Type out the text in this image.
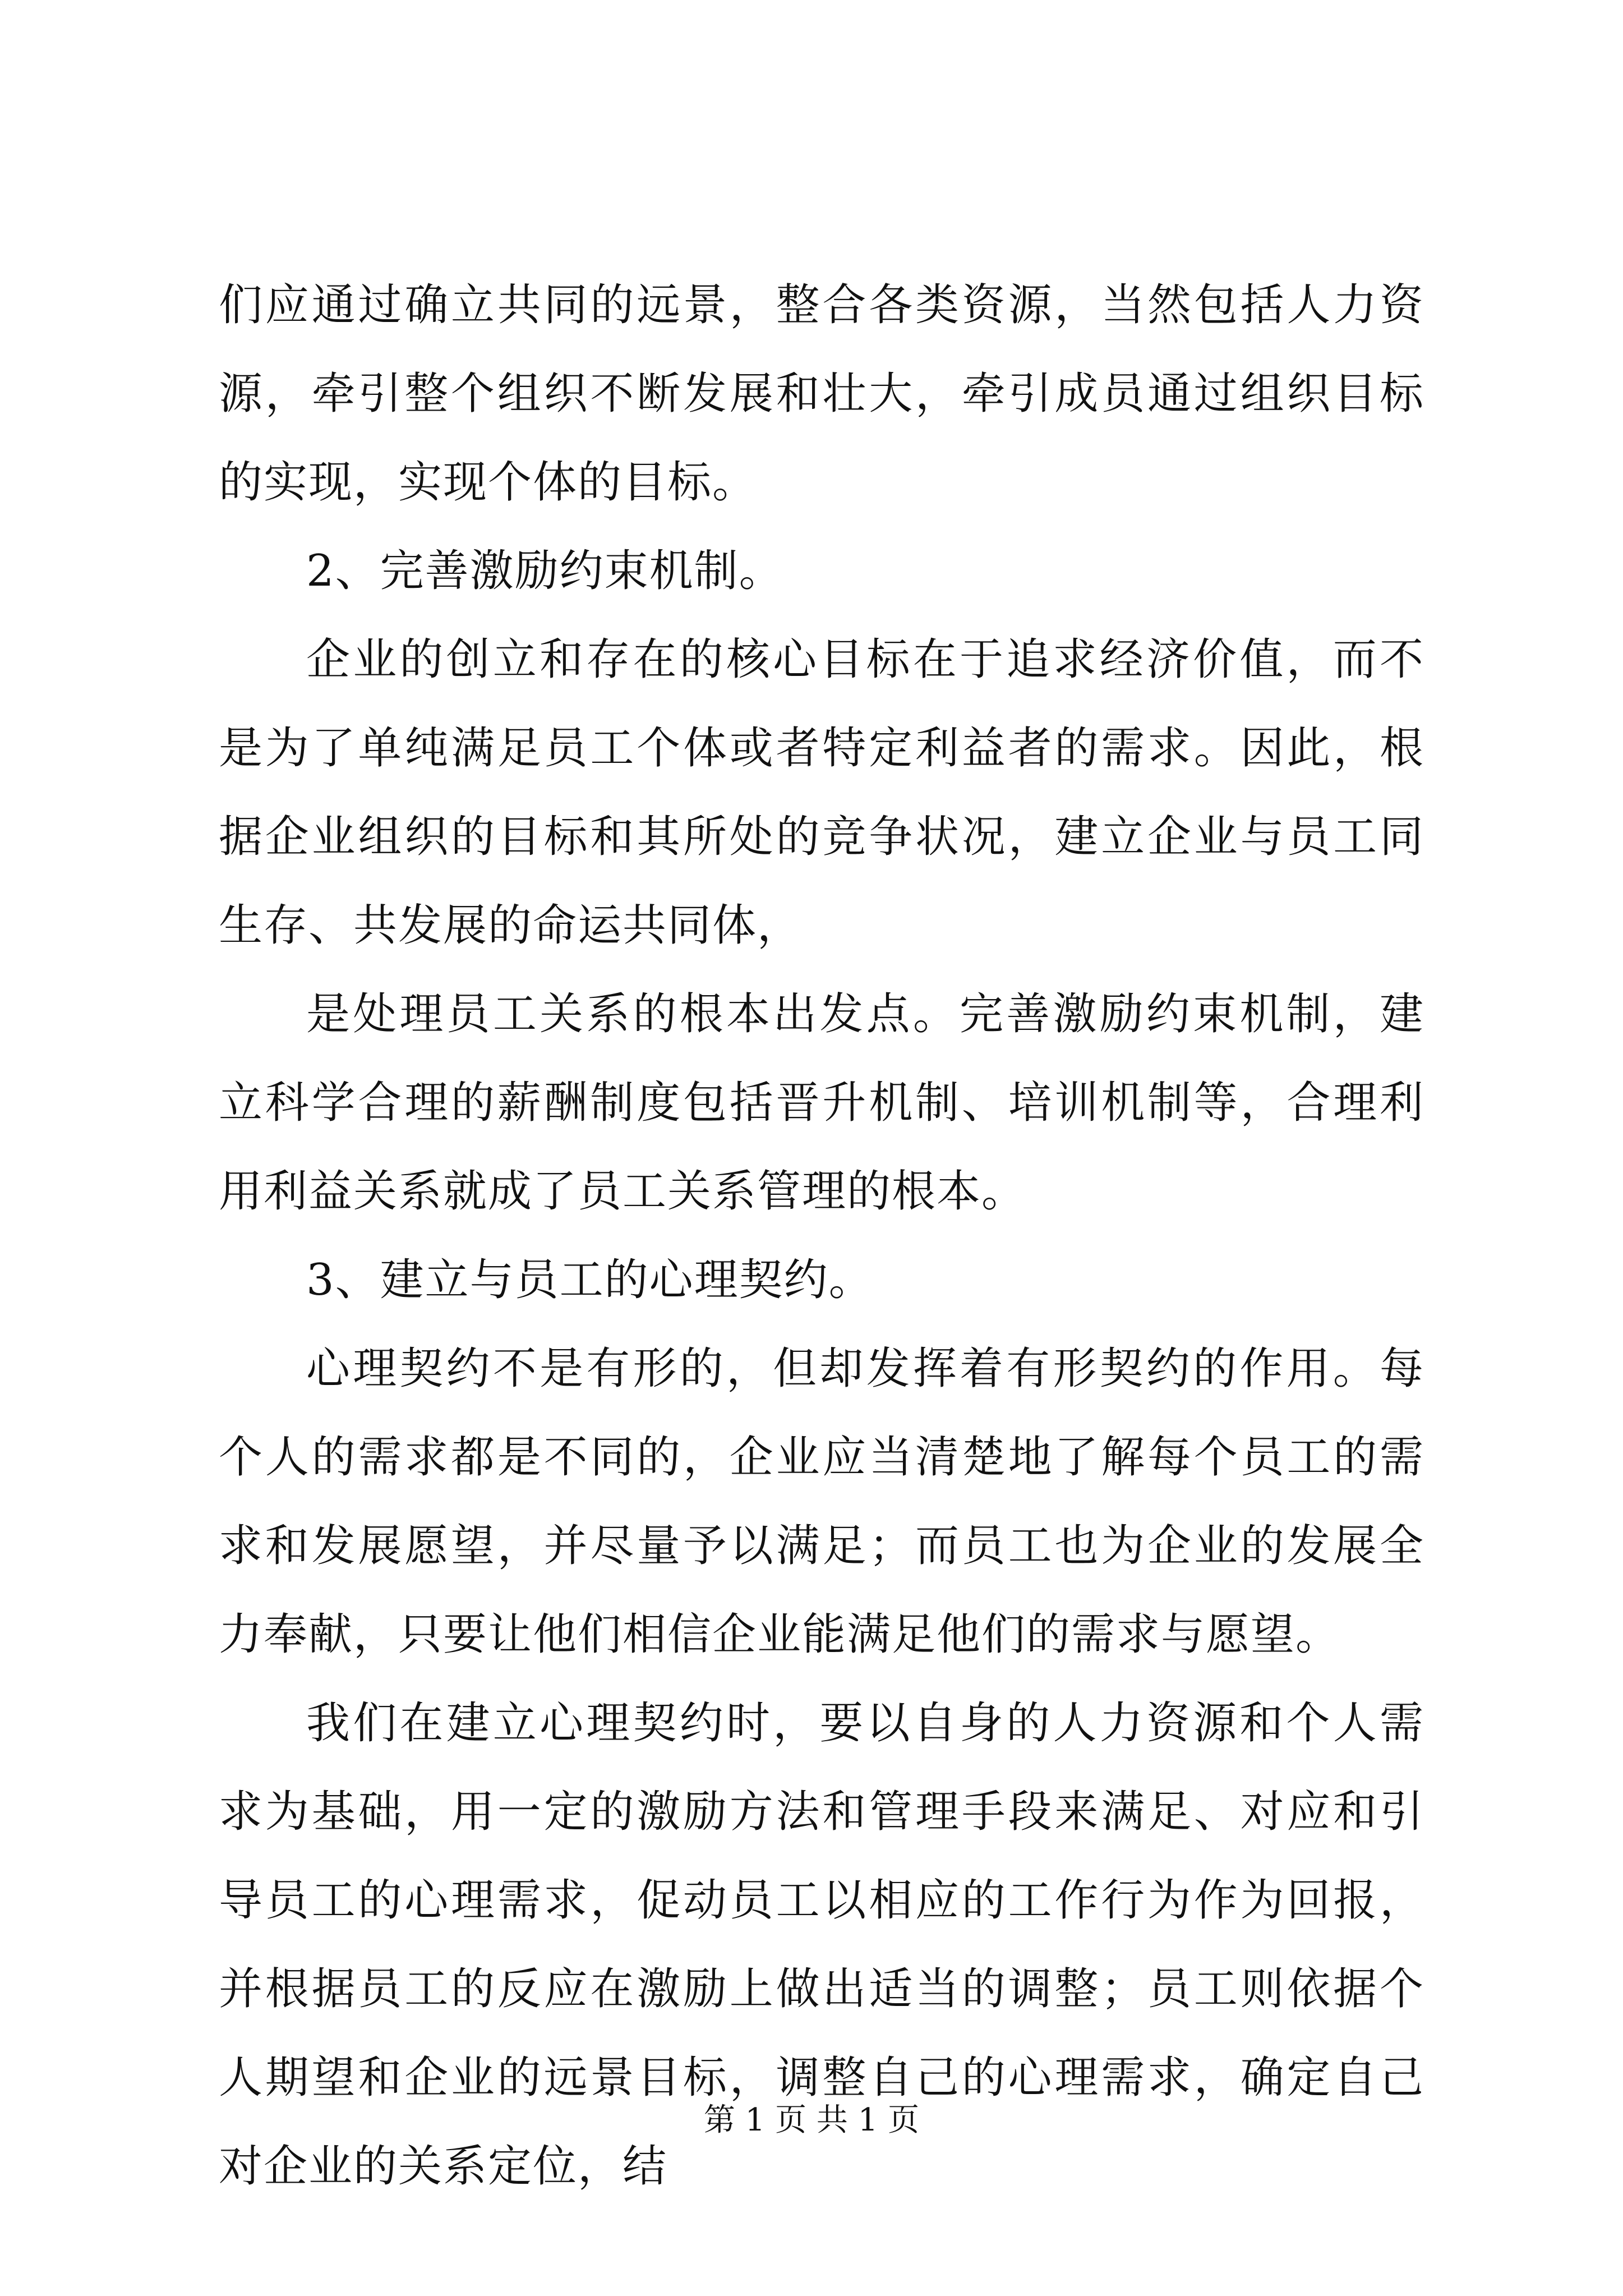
们应通过确立共同的远景，整合各类资源，当然包括人力资源，牵引整个组织不断发展和壮大，牵引成员通过组织目标的实现，实现个体的目标。

2、完善激励约束机制。

企业的创立和存在的核心目标在于追求经济价值，而不是为了单纯满足员工个体或者特定利益者的需求。因此，根据企业组织的目标和其所处的竞争状况，建立企业与员工同生存、共发展的命运共同体，

是处理员工关系的根本出发点。完善激励约束机制，建立科学合理的薪酬制度包括晋升机制、培训机制等，合理利用利益关系就成了员工关系管理的根本。

3、建立与员工的心理契约。

心理契约不是有形的，但却发挥着有形契约的作用。每个人的需求都是不同的，企业应当清楚地了解每个员工的需求和发展愿望，并尽量予以满足；而员工也为企业的发展全力奉献，只要让他们相信企业能满足他们的需求与愿望。

我们在建立心理契约时，要以自身的人力资源和个人需求为基础，用一定的激励方法和管理手段来满足、对应和引导员工的心理需求，促动员工以相应的工作行为作为回报，并根据员工的反应在激励上做出适当的调整；员工则依据个人期望和企业的远景目标，调整自己的心理需求，确定自己对企业的关系定位，结

第 1 页 共 1 页
